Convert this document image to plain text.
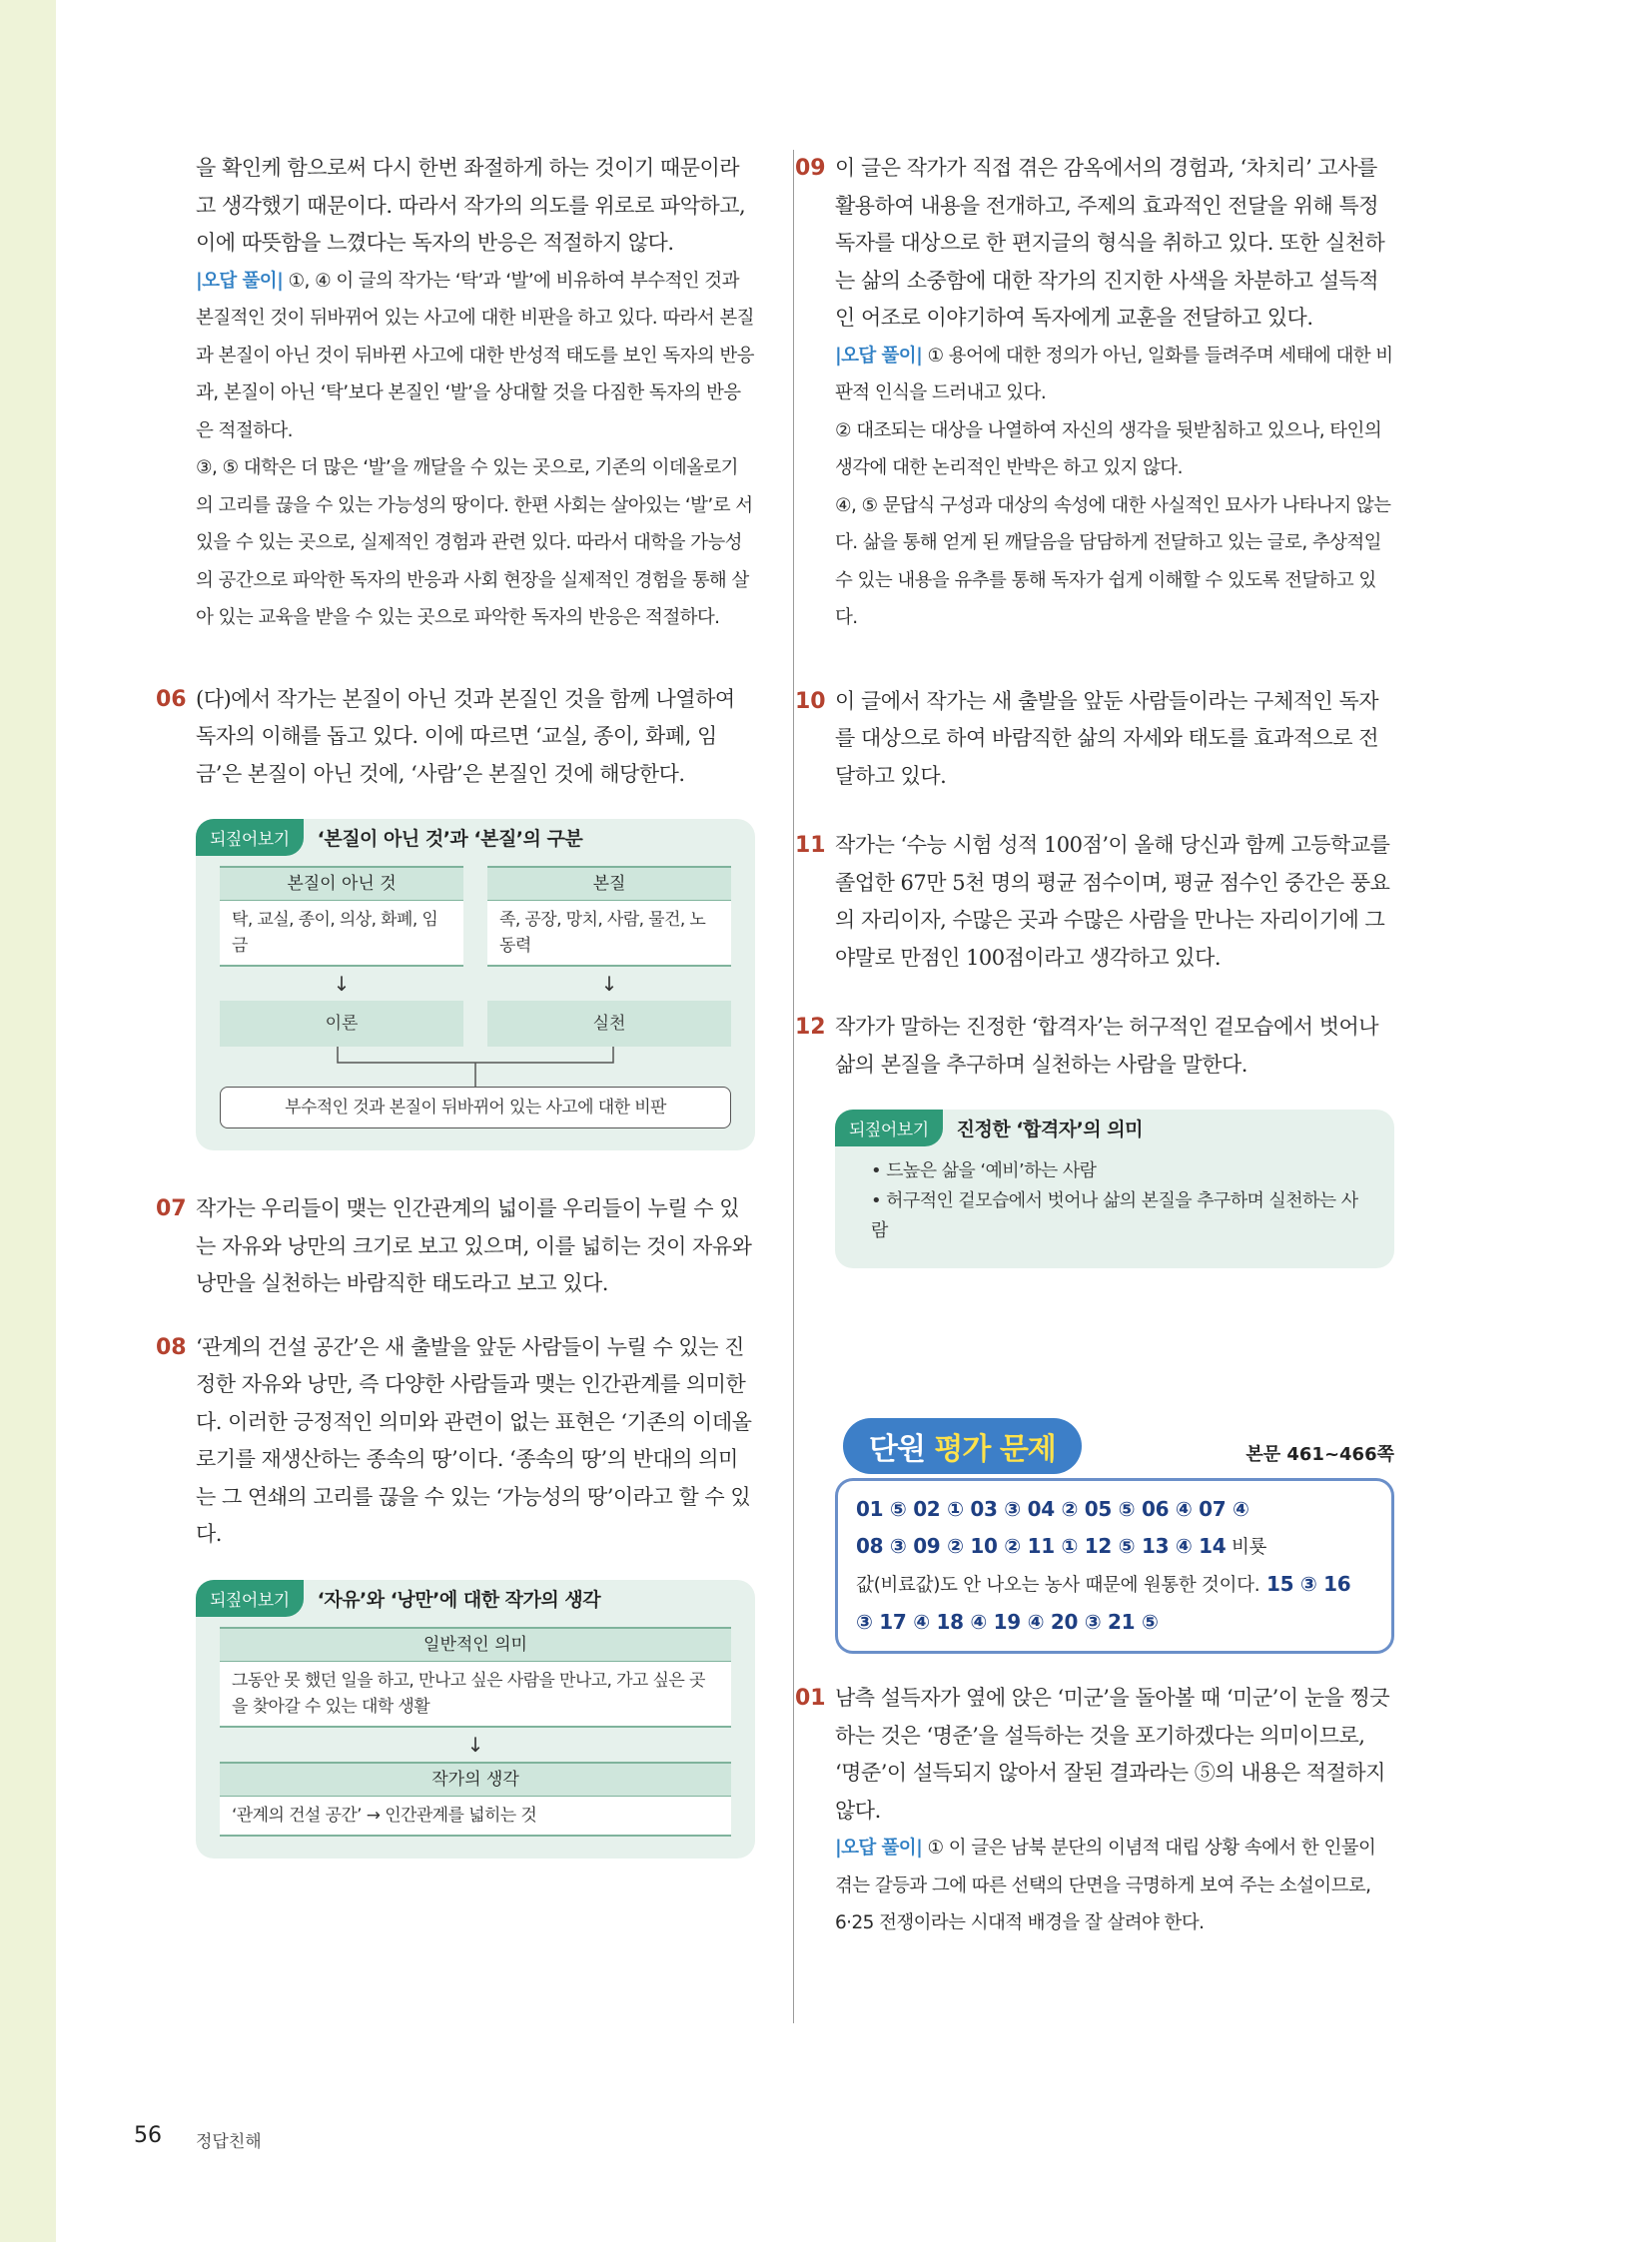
을 확인케 함으로써 다시 한번 좌절하게 하는 것이기 때문이라고 생각했기 때문이다. 따라서 작가의 의도를 위로로 파악하고, 이에 따뜻함을 느꼈다는 독자의 반응은 적절하지 않다.

|오답 풀이| ①, ④ 이 글의 작가는 ‘탁’과 ‘발’에 비유하여 부수적인 것과 본질적인 것이 뒤바뀌어 있는 사고에 대한 비판을 하고 있다. 따라서 본질과 본질이 아닌 것이 뒤바뀐 사고에 대한 반성적 태도를 보인 독자의 반응과, 본질이 아닌 ‘탁’보다 본질인 ‘발’을 상대할 것을 다짐한 독자의 반응은 적절하다.

③, ⑤ 대학은 더 많은 ‘발’을 깨달을 수 있는 곳으로, 기존의 이데올로기의 고리를 끊을 수 있는 가능성의 땅이다. 한편 사회는 살아있는 ‘발’로 서 있을 수 있는 곳으로, 실제적인 경험과 관련 있다. 따라서 대학을 가능성의 공간으로 파악한 독자의 반응과 사회 현장을 실제적인 경험을 통해 살아 있는 교육을 받을 수 있는 곳으로 파악한 독자의 반응은 적절하다.

06 (다)에서 작가는 본질이 아닌 것과 본질인 것을 함께 나열하여 독자의 이해를 돕고 있다. 이에 따르면 ‘교실, 종이, 화폐, 임금’은 본질이 아닌 것에, ‘사람’은 본질인 것에 해당한다.

되짚어보기	‘본질이 아닌 것’과 ‘본질’의 구분
본질이 아닌 것
탁, 교실, 종이, 의상, 화폐, 임금
↓
이론
본질
족, 공장, 망치, 사람, 물건, 노동력
↓
실천
부수적인 것과 본질이 뒤바뀌어 있는 사고에 대한 비판
07 작가는 우리들이 맺는 인간관계의 넓이를 우리들이 누릴 수 있는 자유와 낭만의 크기로 보고 있으며, 이를 넓히는 것이 자유와 낭만을 실천하는 바람직한 태도라고 보고 있다.

08 ‘관계의 건설 공간’은 새 출발을 앞둔 사람들이 누릴 수 있는 진정한 자유와 낭만, 즉 다양한 사람들과 맺는 인간관계를 의미한다. 이러한 긍정적인 의미와 관련이 없는 표현은 ‘기존의 이데올로기를 재생산하는 종속의 땅’이다. ‘종속의 땅’의 반대의 의미는 그 연쇄의 고리를 끊을 수 있는 ‘가능성의 땅’이라고 할 수 있다.

되짚어보기	‘자유’와 ‘낭만’에 대한 작가의 생각
일반적인 의미
그동안 못 했던 일을 하고, 만나고 싶은 사람을 만나고, 가고 싶은 곳을 찾아갈 수 있는 대학 생활
↓
작가의 생각
‘관계의 건설 공간’ → 인간관계를 넓히는 것
09 이 글은 작가가 직접 겪은 감옥에서의 경험과, ‘차치리’ 고사를 활용하여 내용을 전개하고, 주제의 효과적인 전달을 위해 특정 독자를 대상으로 한 편지글의 형식을 취하고 있다. 또한 실천하는 삶의 소중함에 대한 작가의 진지한 사색을 차분하고 설득적인 어조로 이야기하여 독자에게 교훈을 전달하고 있다.

|오답 풀이| ① 용어에 대한 정의가 아닌, 일화를 들려주며 세태에 대한 비판적 인식을 드러내고 있다.

② 대조되는 대상을 나열하여 자신의 생각을 뒷받침하고 있으나, 타인의 생각에 대한 논리적인 반박은 하고 있지 않다.

④, ⑤ 문답식 구성과 대상의 속성에 대한 사실적인 묘사가 나타나지 않는다. 삶을 통해 얻게 된 깨달음을 담담하게 전달하고 있는 글로, 추상적일 수 있는 내용을 유추를 통해 독자가 쉽게 이해할 수 있도록 전달하고 있다.

10 이 글에서 작가는 새 출발을 앞둔 사람들이라는 구체적인 독자를 대상으로 하여 바람직한 삶의 자세와 태도를 효과적으로 전달하고 있다.

11 작가는 ‘수능 시험 성적 100점’이 올해 당신과 함께 고등학교를 졸업한 67만 5천 명의 평균 점수이며, 평균 점수인 중간은 풍요의 자리이자, 수많은 곳과 수많은 사람을 만나는 자리이기에 그야말로 만점인 100점이라고 생각하고 있다.

12 작가가 말하는 진정한 ‘합격자’는 허구적인 겉모습에서 벗어나 삶의 본질을 추구하며 실천하는 사람을 말한다.

되짚어보기	진정한 ‘합격자’의 의미
• 드높은 삶을 ‘예비’하는 사람
• 허구적인 겉모습에서 벗어나 삶의 본질을 추구하며 실천하는 사람
단원 평가 문제	본문 461~466쪽
01 ⑤ 02 ① 03 ③ 04 ② 05 ⑤ 06 ④ 07 ④
08 ③ 09 ② 10 ② 11 ① 12 ⑤ 13 ④ 14 비룟
값(비료값)도 안 나오는 농사 때문에 원통한 것이다. 15 ③ 16
③ 17 ④ 18 ④ 19 ④ 20 ③ 21 ⑤
01 남측 설득자가 옆에 앉은 ‘미군’을 돌아볼 때 ‘미군’이 눈을 찡긋하는 것은 ‘명준’을 설득하는 것을 포기하겠다는 의미이므로, ‘명준’이 설득되지 않아서 잘된 결과라는 ⑤의 내용은 적절하지 않다.

|오답 풀이| ① 이 글은 남북 분단의 이념적 대립 상황 속에서 한 인물이 겪는 갈등과 그에 따른 선택의 단면을 극명하게 보여 주는 소설이므로, 6·25 전쟁이라는 시대적 배경을 잘 살려야 한다.

56 정답친해
